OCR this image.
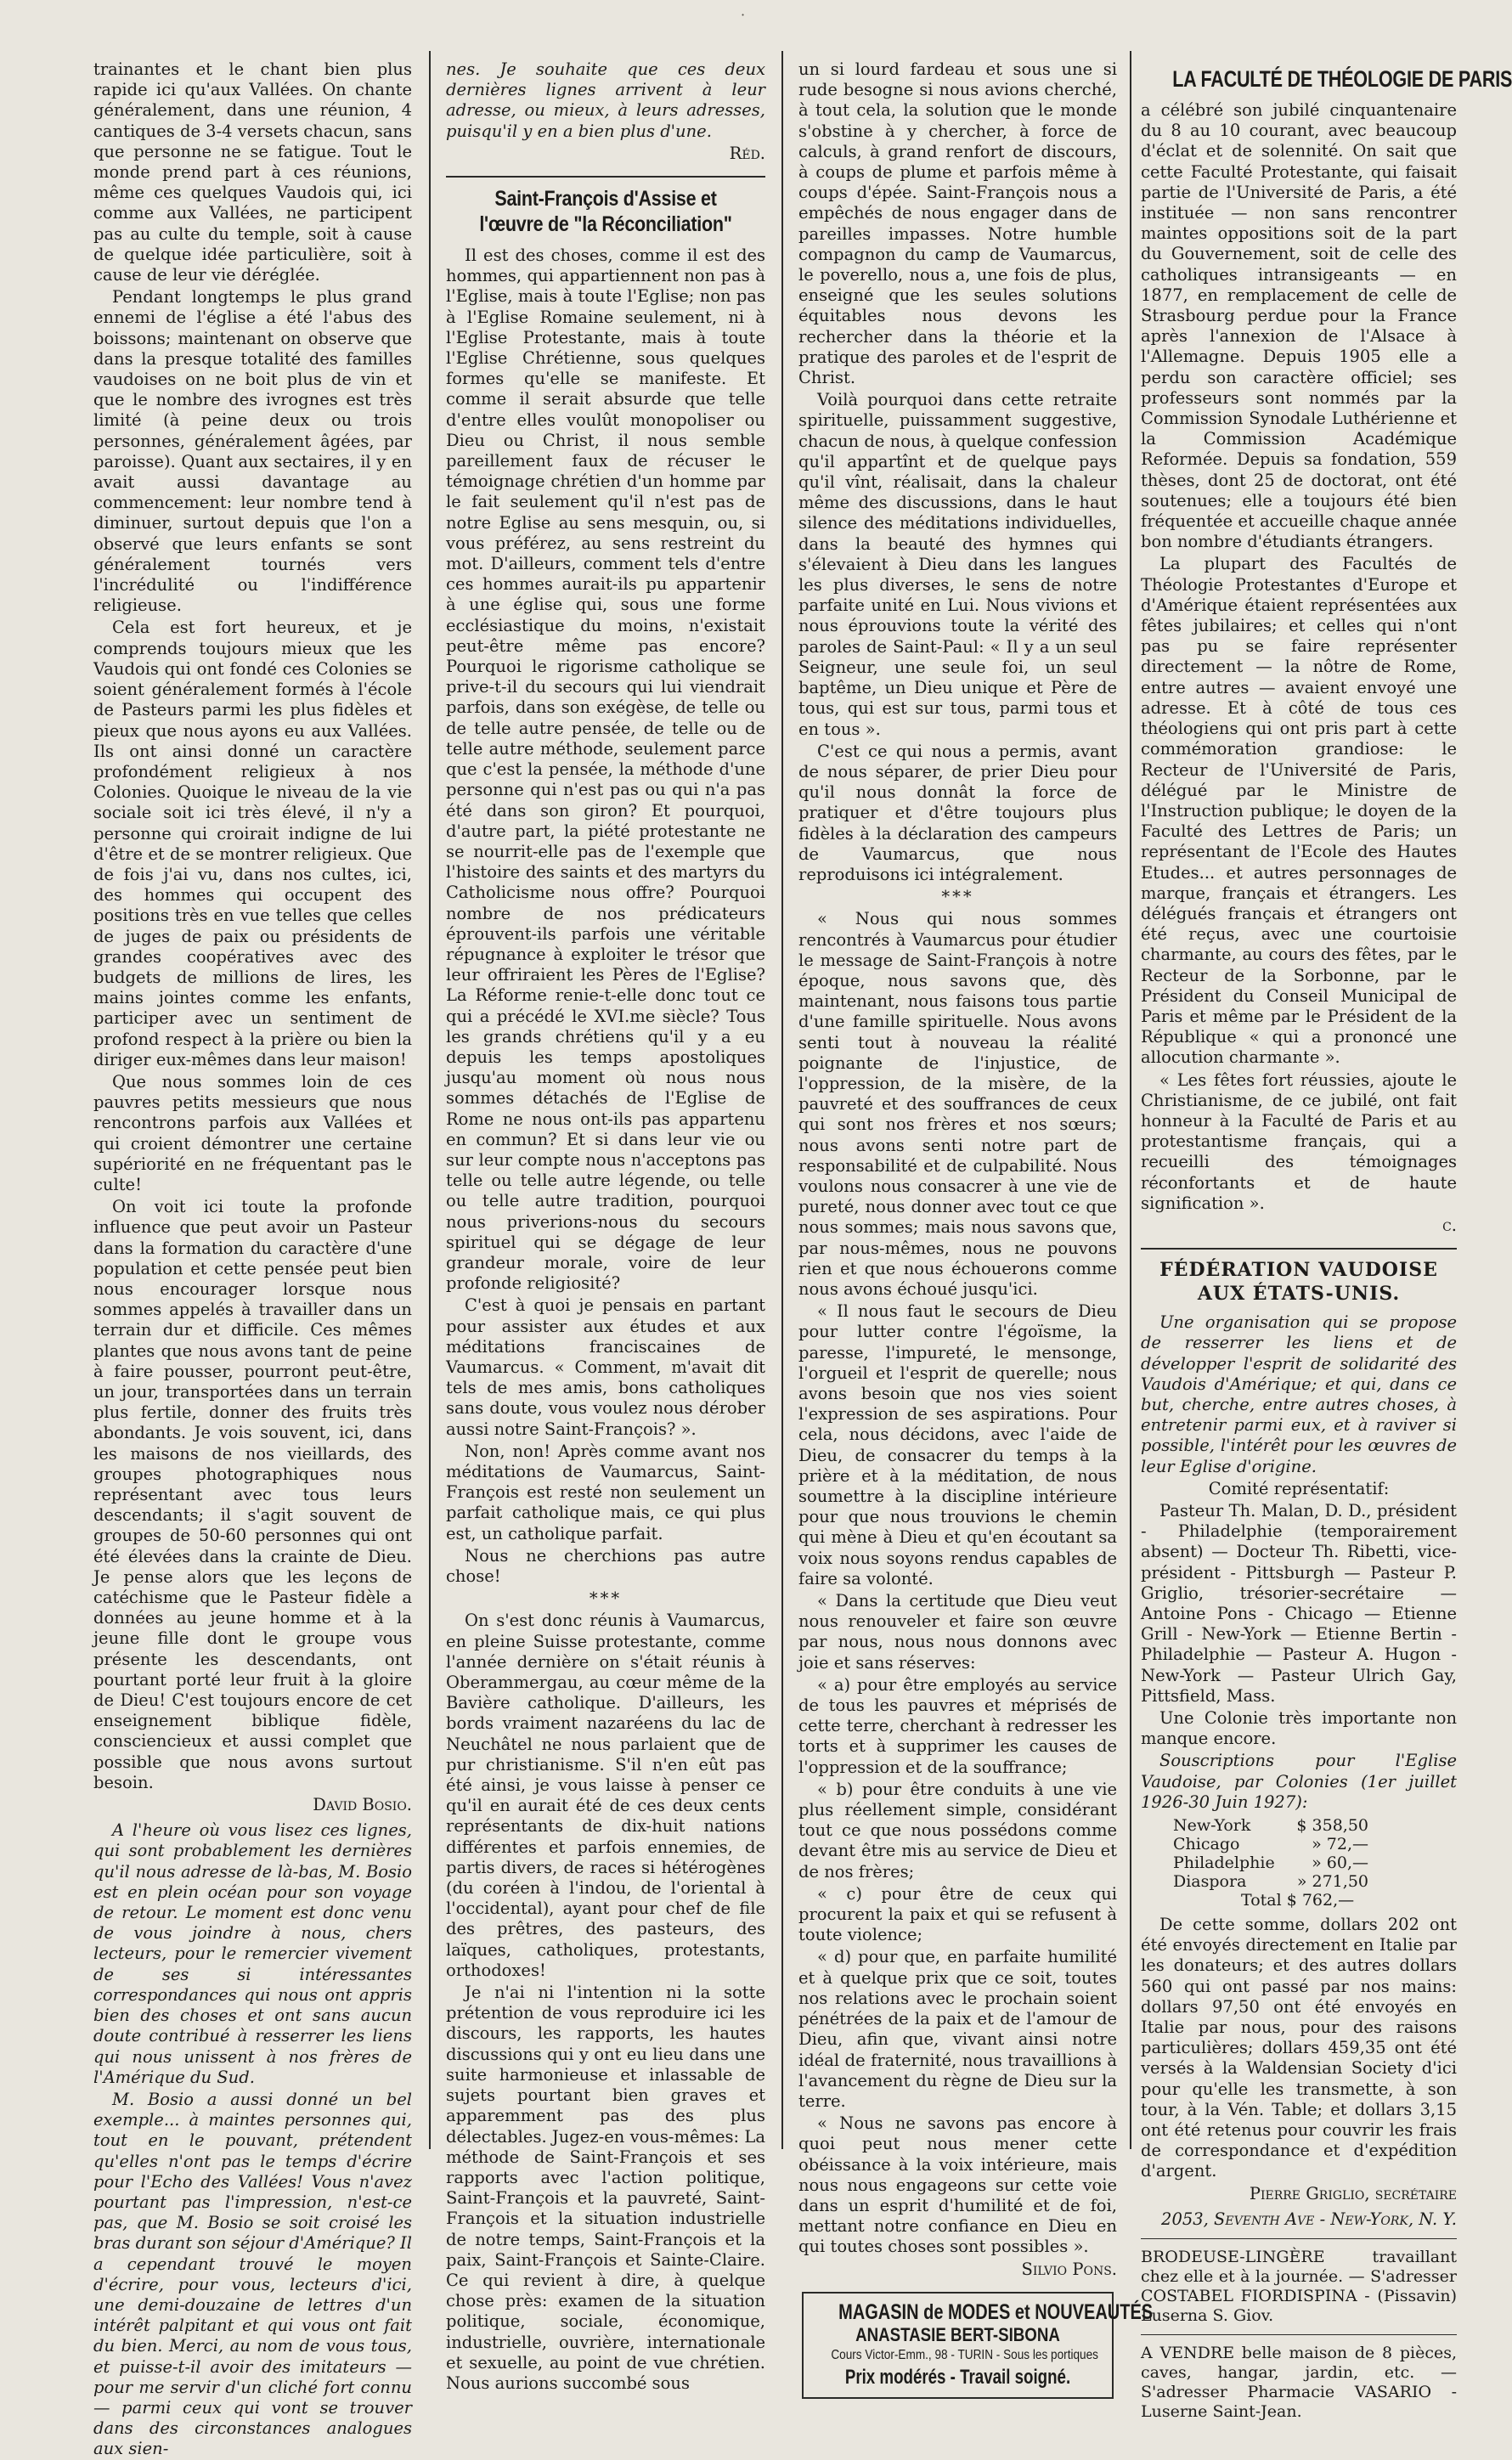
·

trainantes et le chant bien plus rapide ici qu'aux Vallées. On chante généralement, dans une réunion, 4 cantiques de 3-4 versets chacun, sans que personne ne se fatigue. Tout le monde prend part à ces réunions, même ces quelques Vaudois qui, ici comme aux Vallées, ne participent pas au culte du temple, soit à cause de quelque idée particulière, soit à cause de leur vie déréglée.

Pendant longtemps le plus grand ennemi de l'église a été l'abus des boissons; maintenant on observe que dans la presque totalité des familles vaudoises on ne boit plus de vin et que le nombre des ivrognes est très limité (à peine deux ou trois personnes, généralement âgées, par paroisse). Quant aux sectaires, il y en avait aussi davantage au commencement: leur nombre tend à diminuer, surtout depuis que l'on a observé que leurs enfants se sont généralement tournés vers l'incrédulité ou l'indifférence religieuse.

Cela est fort heureux, et je comprends toujours mieux que les Vaudois qui ont fondé ces Colonies se soient généralement formés à l'école de Pasteurs parmi les plus fidèles et pieux que nous ayons eu aux Vallées. Ils ont ainsi donné un caractère profondément religieux à nos Colonies. Quoique le niveau de la vie sociale soit ici très élevé, il n'y a personne qui croirait indigne de lui d'être et de se montrer religieux. Que de fois j'ai vu, dans nos cultes, ici, des hommes qui occupent des positions très en vue telles que celles de juges de paix ou présidents de grandes coopératives avec des budgets de millions de lires, les mains jointes comme les enfants, participer avec un sentiment de profond respect à la prière ou bien la diriger eux-mêmes dans leur maison!

Que nous sommes loin de ces pauvres petits messieurs que nous rencontrons parfois aux Vallées et qui croient démontrer une certaine supériorité en ne fréquentant pas le culte!

On voit ici toute la profonde influence que peut avoir un Pasteur dans la formation du caractère d'une population et cette pensée peut bien nous encourager lorsque nous sommes appelés à travailler dans un terrain dur et difficile. Ces mêmes plantes que nous avons tant de peine à faire pousser, pourront peut-être, un jour, transportées dans un terrain plus fertile, donner des fruits très abondants. Je vois souvent, ici, dans les maisons de nos vieillards, des groupes photographiques nous représentant avec tous leurs descendants; il s'agit souvent de groupes de 50-60 personnes qui ont été élevées dans la crainte de Dieu. Je pense alors que les leçons de catéchisme que le Pasteur fidèle a données au jeune homme et à la jeune fille dont le groupe vous présente les descendants, ont pourtant porté leur fruit à la gloire de Dieu! C'est toujours encore de cet enseignement biblique fidèle, consciencieux et aussi complet que possible que nous avons surtout besoin.

David Bosio.

A l'heure où vous lisez ces lignes, qui sont probablement les dernières qu'il nous adresse de là-bas, M. Bosio est en plein océan pour son voyage de retour. Le moment est donc venu de vous joindre à nous, chers lecteurs, pour le remercier vivement de ses si intéressantes correspondances qui nous ont appris bien des choses et ont sans aucun doute contribué à resserrer les liens qui nous unissent à nos frères de l'Amérique du Sud.

M. Bosio a aussi donné un bel exemple... à maintes personnes qui, tout en le pouvant, prétendent qu'elles n'ont pas le temps d'écrire pour l'Echo des Vallées! Vous n'avez pourtant pas l'impression, n'est-ce pas, que M. Bosio se soit croisé les bras durant son séjour d'Amérique? Il a cependant trouvé le moyen d'écrire, pour vous, lecteurs d'ici, une demi-douzaine de lettres d'un intérêt palpitant et qui vous ont fait du bien. Merci, au nom de vous tous, et puisse-t-il avoir des imitateurs — pour me servir d'un cliché fort connu — parmi ceux qui vont se trouver dans des circonstances analogues aux sien-

nes. Je souhaite que ces deux dernières lignes arrivent à leur adresse, ou mieux, à leurs adresses, puisqu'il y en a bien plus d'une.

Réd.
Saint-François d'Assise et l'œuvre de "la Réconciliation"

Il est des choses, comme il est des hommes, qui appartiennent non pas à l'Eglise, mais à toute l'Eglise; non pas à l'Eglise Romaine seulement, ni à l'Eglise Protestante, mais à toute l'Eglise Chrétienne, sous quelques formes qu'elle se manifeste. Et comme il serait absurde que telle d'entre elles voulût monopoliser ou Dieu ou Christ, il nous semble pareillement faux de récuser le témoignage chrétien d'un homme par le fait seulement qu'il n'est pas de notre Eglise au sens mesquin, ou, si vous préférez, au sens restreint du mot. D'ailleurs, comment tels d'entre ces hommes aurait-ils pu appartenir à une église qui, sous une forme ecclésiastique du moins, n'existait peut-être même pas encore? Pourquoi le rigorisme catholique se prive-t-il du secours qui lui viendrait parfois, dans son exégèse, de telle ou de telle autre pensée, de telle ou de telle autre méthode, seulement parce que c'est la pensée, la méthode d'une personne qui n'est pas ou qui n'a pas été dans son giron? Et pourquoi, d'autre part, la piété protestante ne se nourrit-elle pas de l'exemple que l'histoire des saints et des martyrs du Catholicisme nous offre? Pourquoi nombre de nos prédicateurs éprouvent-ils parfois une véritable répugnance à exploiter le trésor que leur offriraient les Pères de l'Eglise? La Réforme renie-t-elle donc tout ce qui a précédé le XVI.me siècle? Tous les grands chrétiens qu'il y a eu depuis les temps apostoliques jusqu'au moment où nous nous sommes détachés de l'Eglise de Rome ne nous ont-ils pas appartenu en commun? Et si dans leur vie ou sur leur compte nous n'acceptons pas telle ou telle autre légende, ou telle ou telle autre tradition, pourquoi nous priverions-nous du secours spirituel qui se dégage de leur grandeur morale, voire de leur profonde religiosité?

C'est à quoi je pensais en partant pour assister aux études et aux méditations franciscaines de Vaumarcus. « Comment, m'avait dit tels de mes amis, bons catholiques sans doute, vous voulez nous dérober aussi notre Saint-François? ».

Non, non! Après comme avant nos méditations de Vaumarcus, Saint-François est resté non seulement un parfait catholique mais, ce qui plus est, un catholique parfait.

Nous ne cherchions pas autre chose!

***

On s'est donc réunis à Vaumarcus, en pleine Suisse protestante, comme l'année dernière on s'était réunis à Oberammergau, au cœur même de la Bavière catholique. D'ailleurs, les bords vraiment nazaréens du lac de Neuchâtel ne nous parlaient que de pur christianisme. S'il n'en eût pas été ainsi, je vous laisse à penser ce qu'il en aurait été de ces deux cents représentants de dix-huit nations différentes et parfois ennemies, de partis divers, de races si hétérogènes (du coréen à l'indou, de l'oriental à l'occidental), ayant pour chef de file des prêtres, des pasteurs, des laïques, catholiques, protestants, orthodoxes!

Je n'ai ni l'intention ni la sotte prétention de vous reproduire ici les discours, les rapports, les hautes discussions qui y ont eu lieu dans une suite harmonieuse et inlassable de sujets pourtant bien graves et apparemment pas des plus délectables. Jugez-en vous-mêmes: La méthode de Saint-François et ses rapports avec l'action politique, Saint-François et la pauvreté, Saint-François et la situation industrielle de notre temps, Saint-François et la paix, Saint-François et Sainte-Claire. Ce qui revient à dire, à quelque chose près: examen de la situation politique, sociale, économique, industrielle, ouvrière, internationale et sexuelle, au point de vue chrétien. Nous aurions succombé sous

un si lourd fardeau et sous une si rude besogne si nous avions cherché, à tout cela, la solution que le monde s'obstine à y chercher, à force de calculs, à grand renfort de discours, à coups de plume et parfois même à coups d'épée. Saint-François nous a empêchés de nous engager dans de pareilles impasses. Notre humble compagnon du camp de Vaumarcus, le poverello, nous a, une fois de plus, enseigné que les seules solutions équitables nous devons les rechercher dans la théorie et la pratique des paroles et de l'esprit de Christ.

Voilà pourquoi dans cette retraite spirituelle, puissamment suggestive, chacun de nous, à quelque confession qu'il appartînt et de quelque pays qu'il vînt, réalisait, dans la chaleur même des discussions, dans le haut silence des méditations individuelles, dans la beauté des hymnes qui s'élevaient à Dieu dans les langues les plus diverses, le sens de notre parfaite unité en Lui. Nous vivions et nous éprouvions toute la vérité des paroles de Saint-Paul: « Il y a un seul Seigneur, une seule foi, un seul baptême, un Dieu unique et Père de tous, qui est sur tous, parmi tous et en tous ».

C'est ce qui nous a permis, avant de nous séparer, de prier Dieu pour qu'il nous donnât la force de pratiquer et d'être toujours plus fidèles à la déclaration des campeurs de Vaumarcus, que nous reproduisons ici intégralement.

***

« Nous qui nous sommes rencontrés à Vaumarcus pour étudier le message de Saint-François à notre époque, nous savons que, dès maintenant, nous faisons tous partie d'une famille spirituelle. Nous avons senti tout à nouveau la réalité poignante de l'injustice, de l'oppression, de la misère, de la pauvreté et des souffrances de ceux qui sont nos frères et nos sœurs; nous avons senti notre part de responsabilité et de culpabilité. Nous voulons nous consacrer à une vie de pureté, nous donner avec tout ce que nous sommes; mais nous savons que, par nous-mêmes, nous ne pouvons rien et que nous échouerons comme nous avons échoué jusqu'ici.

« Il nous faut le secours de Dieu pour lutter contre l'égoïsme, la paresse, l'impureté, le mensonge, l'orgueil et l'esprit de querelle; nous avons besoin que nos vies soient l'expression de ses aspirations. Pour cela, nous décidons, avec l'aide de Dieu, de consacrer du temps à la prière et à la méditation, de nous soumettre à la discipline intérieure pour que nous trouvions le chemin qui mène à Dieu et qu'en écoutant sa voix nous soyons rendus capables de faire sa volonté.

« Dans la certitude que Dieu veut nous renouveler et faire son œuvre par nous, nous nous donnons avec joie et sans réserves:

« a) pour être employés au service de tous les pauvres et méprisés de cette terre, cherchant à redresser les torts et à supprimer les causes de l'oppression et de la souffrance;

« b) pour être conduits à une vie plus réellement simple, considérant tout ce que nous possédons comme devant être mis au service de Dieu et de nos frères;

« c) pour être de ceux qui procurent la paix et qui se refusent à toute violence;

« d) pour que, en parfaite humilité et à quelque prix que ce soit, toutes nos relations avec le prochain soient pénétrées de la paix et de l'amour de Dieu, afin que, vivant ainsi notre idéal de fraternité, nous travaillions à l'avancement du règne de Dieu sur la terre.

« Nous ne savons pas encore à quoi peut nous mener cette obéissance à la voix intérieure, mais nous nous engageons sur cette voie dans un esprit d'humilité et de foi, mettant notre confiance en Dieu en qui toutes choses sont possibles ».

Silvio Pons.
MAGASIN de MODES et NOUVEAUTÉS
ANASTASIE BERT-SIBONA
Cours Victor-Emm., 98 - TURIN - Sous les portiques
Prix modérés - Travail soigné.
LA FACULTÉ DE THÉOLOGIE DE PARIS

a célébré son jubilé cinquantenaire du 8 au 10 courant, avec beaucoup d'éclat et de solennité. On sait que cette Faculté Protestante, qui faisait partie de l'Université de Paris, a été instituée — non sans rencontrer maintes oppositions soit de la part du Gouvernement, soit de celle des catholiques intransigeants — en 1877, en remplacement de celle de Strasbourg perdue pour la France après l'annexion de l'Alsace à l'Allemagne. Depuis 1905 elle a perdu son caractère officiel; ses professeurs sont nommés par la Commission Synodale Luthérienne et la Commission Académique Reformée. Depuis sa fondation, 559 thèses, dont 25 de doctorat, ont été soutenues; elle a toujours été bien fréquentée et accueille chaque année bon nombre d'étudiants étrangers.

La plupart des Facultés de Théologie Protestantes d'Europe et d'Amérique étaient représentées aux fêtes jubilaires; et celles qui n'ont pas pu se faire représenter directement — la nôtre de Rome, entre autres — avaient envoyé une adresse. Et à côté de tous ces théologiens qui ont pris part à cette commémoration grandiose: le Recteur de l'Université de Paris, délégué par le Ministre de l'Instruction publique; le doyen de la Faculté des Lettres de Paris; un représentant de l'Ecole des Hautes Etudes... et autres personnages de marque, français et étrangers. Les délégués français et étrangers ont été reçus, avec une courtoisie charmante, au cours des fêtes, par le Recteur de la Sorbonne, par le Président du Conseil Municipal de Paris et même par le Président de la République « qui a prononcé une allocution charmante ».

« Les fêtes fort réussies, ajoute le Christianisme, de ce jubilé, ont fait honneur à la Faculté de Paris et au protestantisme français, qui a recueilli des témoignages réconfortants et de haute signification ».

c.
FÉDÉRATION VAUDOISE
AUX ÉTATS-UNIS.

Une organisation qui se propose de resserrer les liens et de développer l'esprit de solidarité des Vaudois d'Amérique; et qui, dans ce but, cherche, entre autres choses, à entretenir parmi eux, et à raviver si possible, l'intérêt pour les œuvres de leur Eglise d'origine.

Comité représentatif:

Pasteur Th. Malan, D. D., président - Philadelphie (temporairement absent) — Docteur Th. Ribetti, vice-président - Pittsburgh — Pasteur P. Griglio, trésorier-secrétaire — Antoine Pons - Chicago — Etienne Grill - New-York — Etienne Bertin - Philadelphie — Pasteur A. Hugon - New-York — Pasteur Ulrich Gay, Pittsfield, Mass.

Une Colonie très importante non manque encore.

Souscriptions pour l'Eglise Vaudoise, par Colonies (1er juillet 1926-30 Juin 1927):

New-York	$ 358,50
Chicago	» 72,—
Philadelphie » 60,—
Diaspora	» 271,50
Total $ 762,—

De cette somme, dollars 202 ont été envoyés directement en Italie par les donateurs; et des autres dollars 560 qui ont passé par nos mains: dollars 97,50 ont été envoyés en Italie par nous, pour des raisons particulières; dollars 459,35 ont été versés à la Waldensian Society d'ici pour qu'elle les transmette, à son tour, à la Vén. Table; et dollars 3,15 ont été retenus pour couvrir les frais de correspondance et d'expédition d'argent.

Pierre Griglio, secrétaire
2053, Seventh Ave - New-York, N. Y.

BRODEUSE-LINGÈRE travaillant chez elle et à la journée. — S'adresser COSTABEL FIORDISPINA - (Pissavin) Luserna S. Giov.

A VENDRE belle maison de 8 pièces, caves, hangar, jardin, etc. — S'adresser Pharmacie VASARIO - Luserne Saint-Jean.
